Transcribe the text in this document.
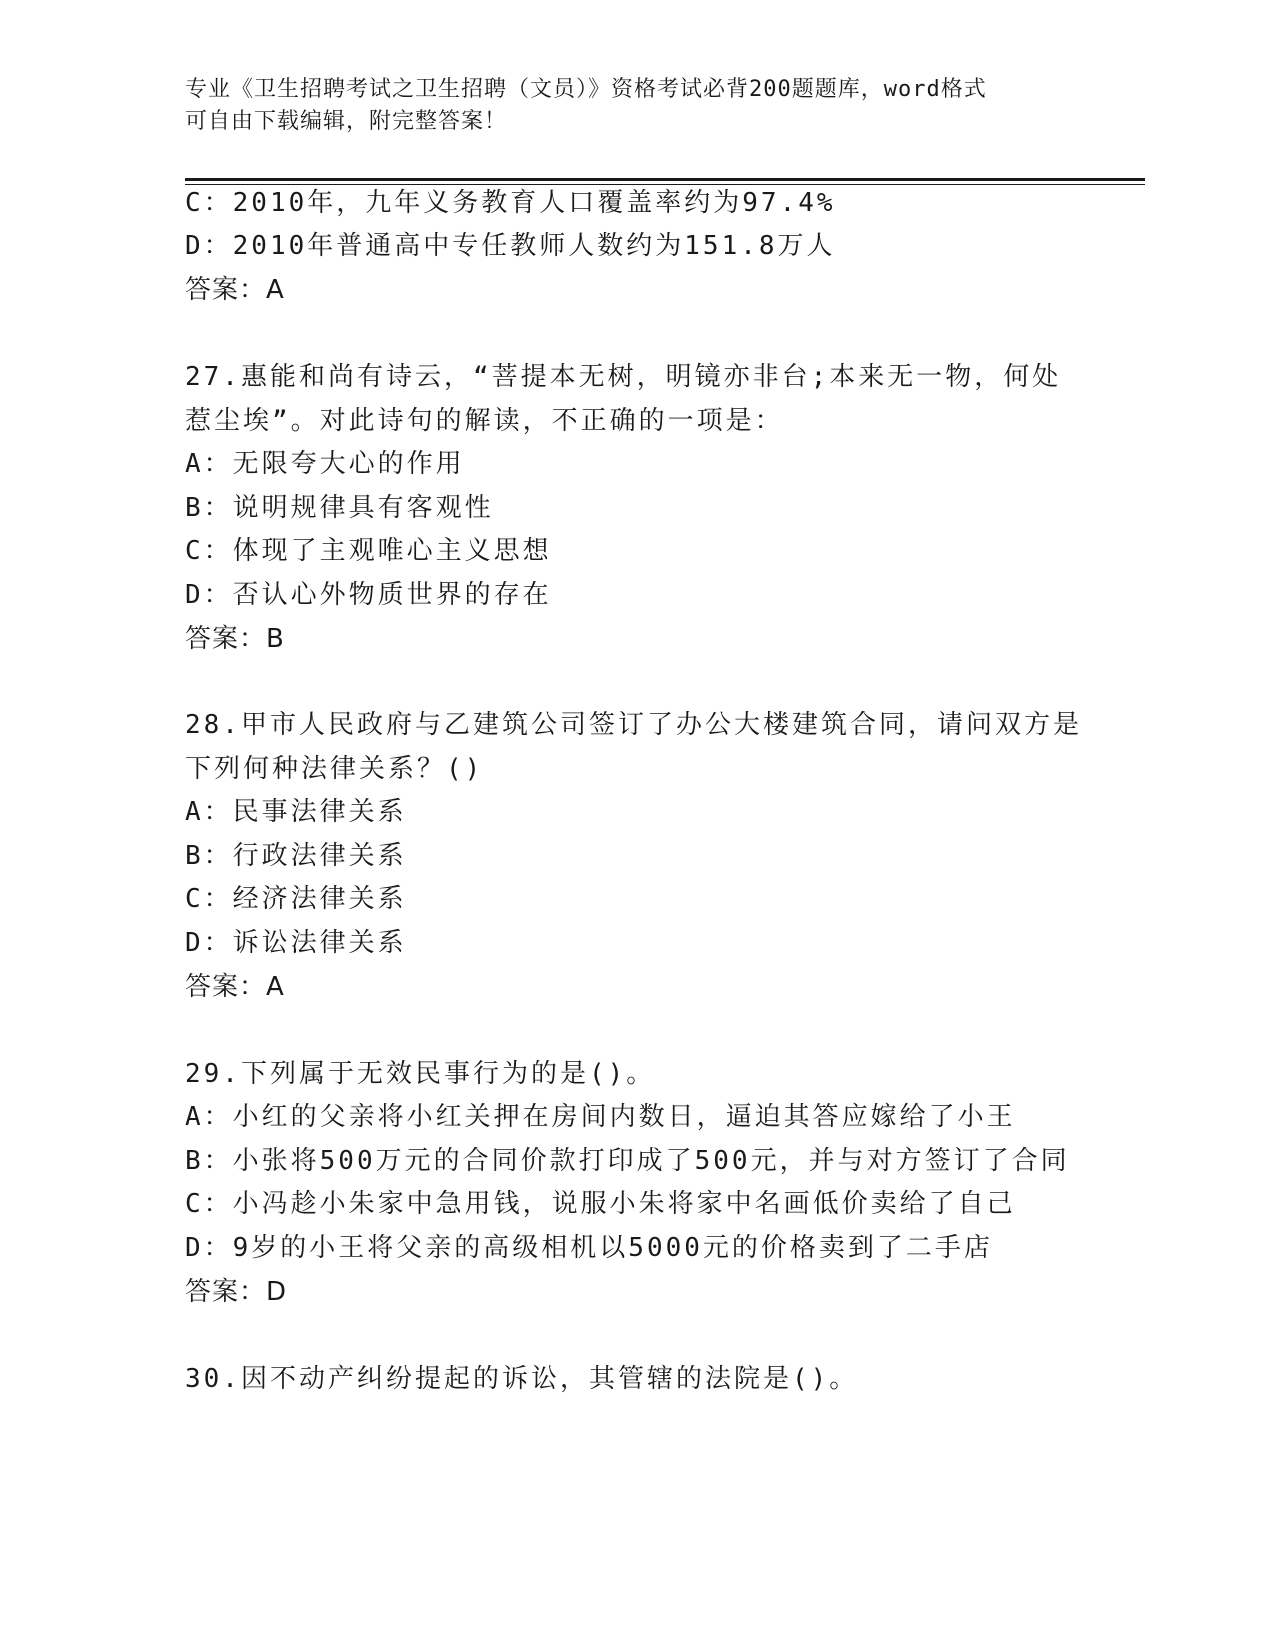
专业《卫生招聘考试之卫生招聘（文员）》资格考试必背200题题库，word格式
可自由下载编辑，附完整答案！
C：2010年，九年义务教育人口覆盖率约为97.4%
D：2010年普通高中专任教师人数约为151.8万人
答案：A
27.惠能和尚有诗云，“菩提本无树，明镜亦非台;本来无一物，何处
惹尘埃”。对此诗句的解读，不正确的一项是：
A：无限夸大心的作用
B：说明规律具有客观性
C：体现了主观唯心主义思想
D：否认心外物质世界的存在
答案：B
28.甲市人民政府与乙建筑公司签订了办公大楼建筑合同，请问双方是
下列何种法律关系？()
A：民事法律关系
B：行政法律关系
C：经济法律关系
D：诉讼法律关系
答案：A
29.下列属于无效民事行为的是()。
A：小红的父亲将小红关押在房间内数日，逼迫其答应嫁给了小王
B：小张将500万元的合同价款打印成了500元，并与对方签订了合同
C：小冯趁小朱家中急用钱，说服小朱将家中名画低价卖给了自己
D：9岁的小王将父亲的高级相机以5000元的价格卖到了二手店
答案：D
30.因不动产纠纷提起的诉讼，其管辖的法院是()。
